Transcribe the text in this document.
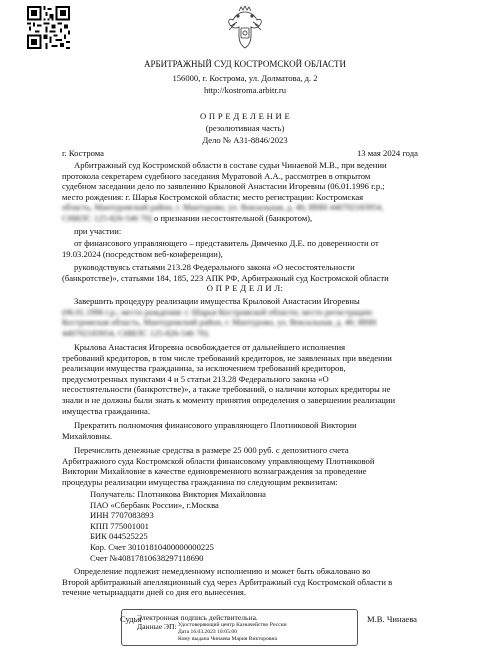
АРБИТРАЖНЫЙ СУД КОСТРОМСКОЙ ОБЛАСТИ
156000, г. Кострома, ул. Долматова, д. 2
http://kostroma.arbitr.ru
О П Р Е Д Е Л Е Н И Е
(резолютивная часть)
Дело № А31-8846/2023
г. Кострома	13 мая 2024 года
Арбитражный суд Костромской области в составе судьи Чинаевой М.В., при ведении
протокола секретарем судебного заседания Муратовой А.А., рассмотрев в открытом
судебном заседании дело по заявлению Крыловой Анастасии Игоревны (06.01.1996 г.р.;
место рождения: г. Шарья Костромской области; место регистрации: Костромская
область, Мантуровский район, г. Мантурово, ул. Вокзальная, д. 46; ИНН 440702183954,
СНИЛС 125-826-546 70) о признании несостоятельной (банкротом),
при участии:
от финансового управляющего – представитель Димченко Д.Е. по доверенности от
19.03.2024 (посредством веб-конференции),
руководствуясь статьями 213.28 Федерального закона «О несостоятельности
(банкротстве)», статьями 184, 185, 223 АПК РФ, Арбитражный суд Костромской области
О П Р Е Д Е Л И Л:
Завершить процедуру реализации имущества Крыловой Анастасии Игоревны
(06.01.1996 г.р.; место рождения: г. Шарья Костромской области; место регистрации:
Костромская область, Мантуровский район, г. Мантурово, ул. Вокзальная, д. 46; ИНН
440702183954, СНИЛС 125-826-546 70).
Крылова Анастасия Игоревна освобождается от дальнейшего исполнения
требований кредиторов, в том числе требований кредиторов, не заявленных при введении
реализации имущества гражданина, за исключением требований кредиторов,
предусмотренных пунктами 4 и 5 статьи 213.28 Федерального закона «О
несостоятельности (банкротстве)», а также требований, о наличии которых кредиторы не
знали и не должны были знать к моменту принятия определения о завершении реализации
имущества гражданина.
Прекратить полномочия финансового управляющего Плотниковой Виктории
Михайловны.
Перечислить денежные средства в размере 25 000 руб. с депозитного счета
Арбитражного суда Костромской области финансовому управляющему Плотниковой
Виктории Михайловне в качестве единовременного вознаграждения за проведение
процедуры реализации имущества гражданина по следующим реквизитам:
Получатель: Плотникова Виктория Михайловна
ПАО «Сбербанк России», г.Москва
ИНН 7707083893
КПП 775001001
БИК 044525225
Кор. Счет 30101810400000000225
Счет №40817810638297118690
Определение подлежит немедленному исполнению и может быть обжаловано во
Второй арбитражный апелляционный суд через Арбитражный суд Костромской области в
течение четырнадцати дней со дня его вынесения.
Электронная подпись действительна.
Данные ЭП: Удостоверяющий центр Казначейство России
Дата 16.03.2023 10:05:00
Кому выдана Чинаева Мария Викторовна
Судья	М.В. Чинаева
